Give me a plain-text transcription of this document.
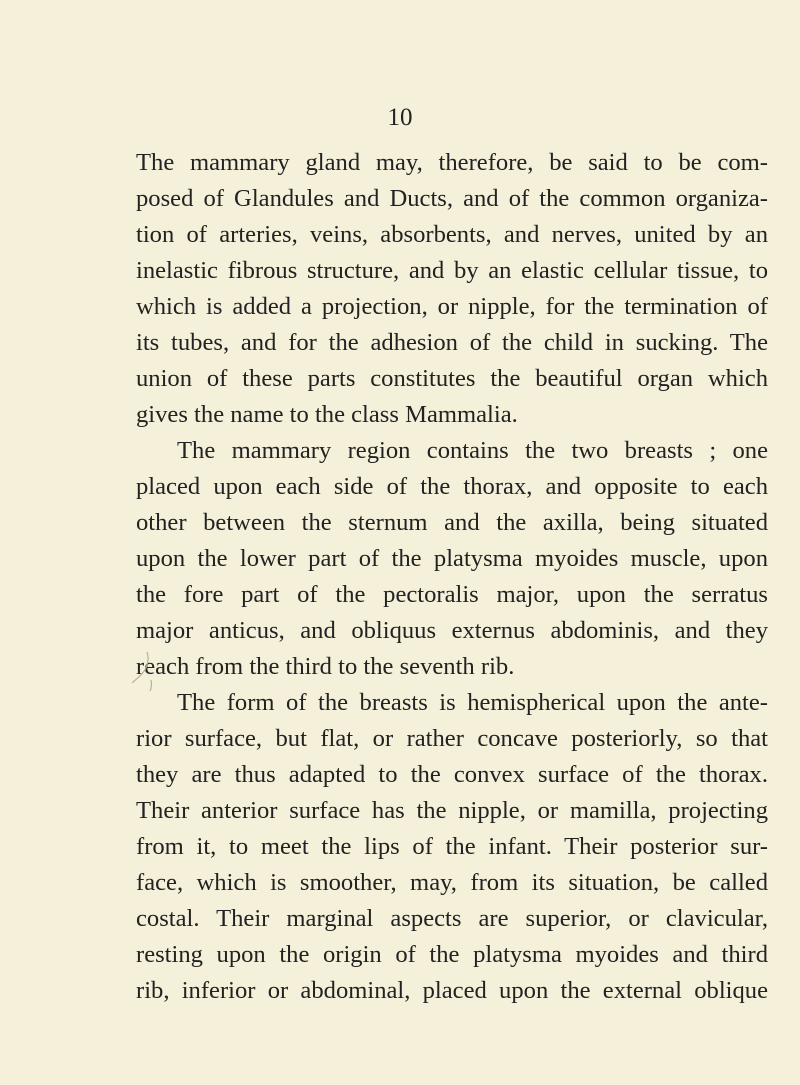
10
The mammary gland may, therefore, be said to be com-
posed of Glandules and Ducts, and of the common organiza-
tion of arteries, veins, absorbents, and nerves, united by an
inelastic fibrous structure, and by an elastic cellular tissue, to
which is added a projection, or nipple, for the termination of
its tubes, and for the adhesion of the child in sucking. The
union of these parts constitutes the beautiful organ which
gives the name to the class Mammalia.
The mammary region contains the two breasts ; one
placed upon each side of the thorax, and opposite to each
other between the sternum and the axilla, being situated
upon the lower part of the platysma myoides muscle, upon
the fore part of the pectoralis major, upon the serratus
major anticus, and obliquus externus abdominis, and they
reach from the third to the seventh rib.
The form of the breasts is hemispherical upon the ante-
rior surface, but flat, or rather concave posteriorly, so that
they are thus adapted to the convex surface of the thorax.
Their anterior surface has the nipple, or mamilla, projecting
from it, to meet the lips of the infant. Their posterior sur-
face, which is smoother, may, from its situation, be called
costal. Their marginal aspects are superior, or clavicular,
resting upon the origin of the platysma myoides and third
rib, inferior or abdominal, placed upon the external oblique
